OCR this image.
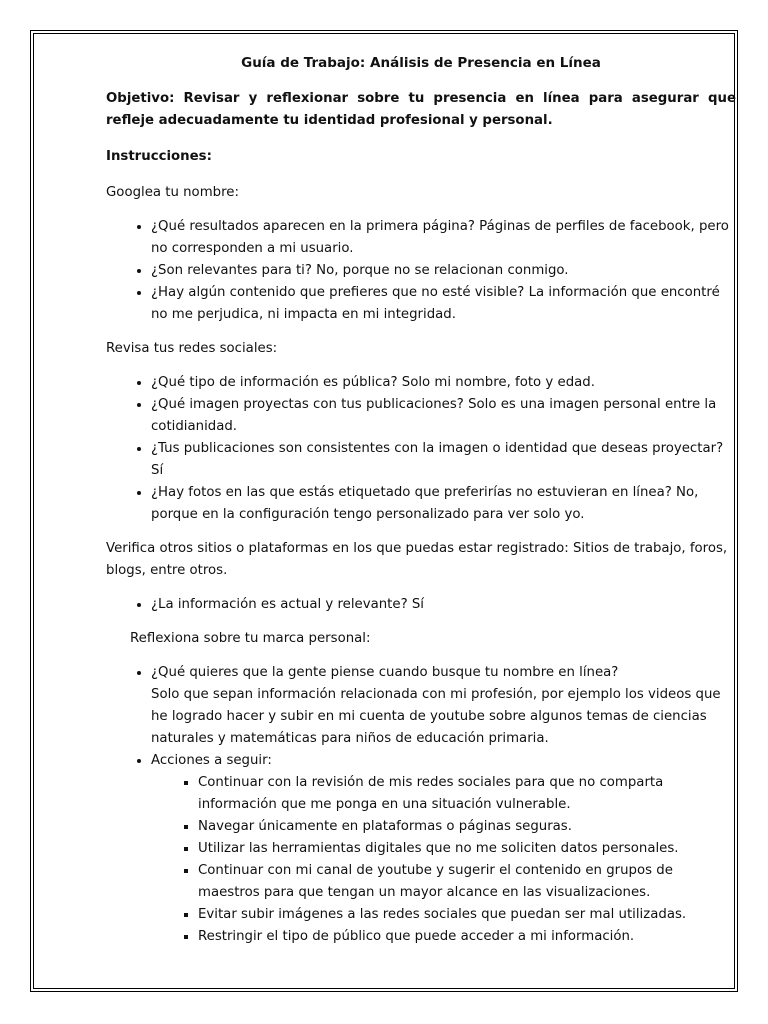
Guía de Trabajo: Análisis de Presencia en Línea

Objetivo: Revisar y reflexionar sobre tu presencia en línea para asegurar que refleje adecuadamente tu identidad profesional y personal.

Instrucciones:

Googlea tu nombre:

• ¿Qué resultados aparecen en la primera página? Páginas de perfiles de facebook, pero no corresponden a mi usuario.
• ¿Son relevantes para ti? No, porque no se relacionan conmigo.
• ¿Hay algún contenido que prefieres que no esté visible? La información que encontré no me perjudica, ni impacta en mi integridad.

Revisa tus redes sociales:

• ¿Qué tipo de información es pública? Solo mi nombre, foto y edad.
• ¿Qué imagen proyectas con tus publicaciones? Solo es una imagen personal entre la cotidianidad.
• ¿Tus publicaciones son consistentes con la imagen o identidad que deseas proyectar? Sí
• ¿Hay fotos en las que estás etiquetado que preferirías no estuvieran en línea? No, porque en la configuración tengo personalizado para ver solo yo.

Verifica otros sitios o plataformas en los que puedas estar registrado: Sitios de trabajo, foros, blogs, entre otros.

• ¿La información es actual y relevante? Sí

Reflexiona sobre tu marca personal:

• ¿Qué quieres que la gente piense cuando busque tu nombre en línea?
Solo que sepan información relacionada con mi profesión, por ejemplo los videos que he logrado hacer y subir en mi cuenta de youtube sobre algunos temas de ciencias naturales y matemáticas para niños de educación primaria.
• Acciones a seguir:
▪ Continuar con la revisión de mis redes sociales para que no comparta información que me ponga en una situación vulnerable.
▪ Navegar únicamente en plataformas o páginas seguras.
▪ Utilizar las herramientas digitales que no me soliciten datos personales.
▪ Continuar con mi canal de youtube y sugerir el contenido en grupos de maestros para que tengan un mayor alcance en las visualizaciones.
▪ Evitar subir imágenes a las redes sociales que puedan ser mal utilizadas.
▪ Restringir el tipo de público que puede acceder a mi información.
